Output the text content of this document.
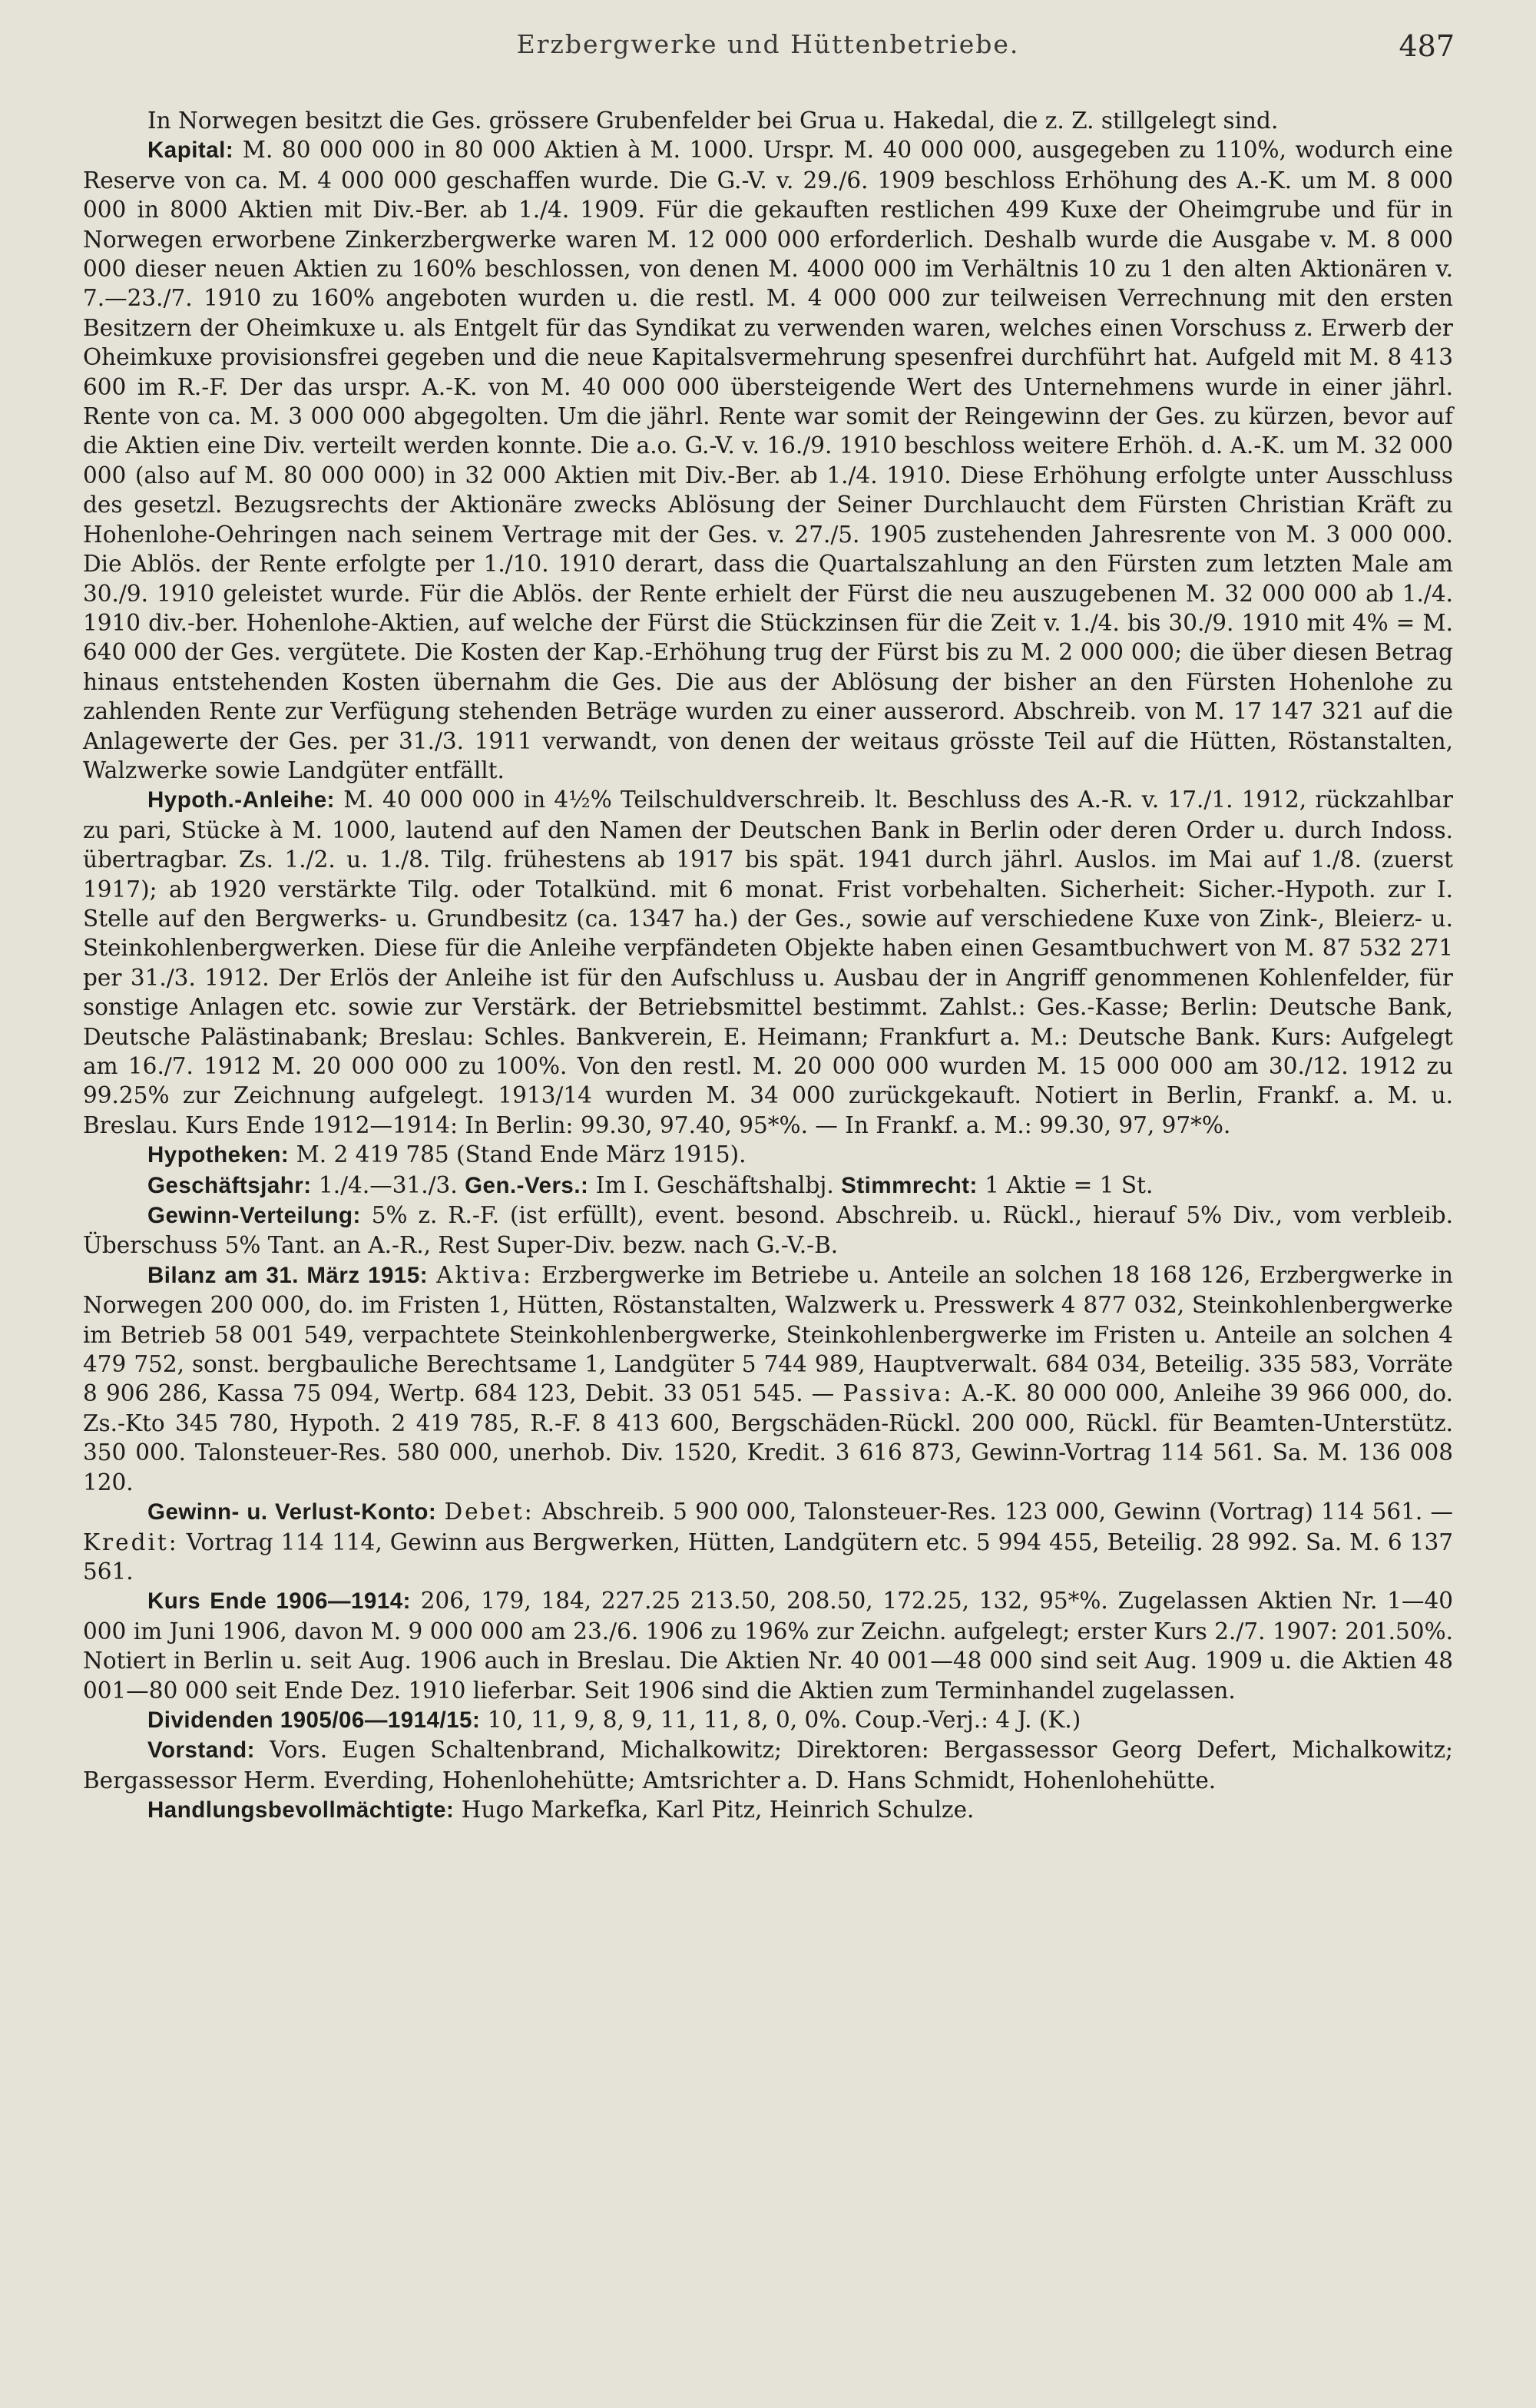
Erzbergwerke und Hüttenbetriebe.	487

In Norwegen besitzt die Ges. grössere Grubenfelder bei Grua u. Hakedal, die z. Z. stillgelegt sind.

Kapital: M. 80 000 000 in 80 000 Aktien à M. 1000. Urspr. M. 40 000 000, ausgegeben zu 110%, wodurch eine Reserve von ca. M. 4 000 000 geschaffen wurde. Die G.-V. v. 29./6. 1909 beschloss Erhöhung des A.-K. um M. 8 000 000 in 8000 Aktien mit Div.-Ber. ab 1./4. 1909. Für die gekauften restlichen 499 Kuxe der Oheimgrube und für in Norwegen erworbene Zinkerzbergwerke waren M. 12 000 000 erforderlich. Deshalb wurde die Ausgabe v. M. 8 000 000 dieser neuen Aktien zu 160% beschlossen, von denen M. 4000 000 im Verhältnis 10 zu 1 den alten Aktionären v. 7.—23./7. 1910 zu 160% angeboten wurden u. die restl. M. 4 000 000 zur teilweisen Verrechnung mit den ersten Besitzern der Oheimkuxe u. als Entgelt für das Syndikat zu verwenden waren, welches einen Vorschuss z. Erwerb der Oheimkuxe provisionsfrei gegeben und die neue Kapitalsvermehrung spesenfrei durchführt hat. Aufgeld mit M. 8 413 600 im R.-F. Der das urspr. A.-K. von M. 40 000 000 übersteigende Wert des Unternehmens wurde in einer jährl. Rente von ca. M. 3 000 000 abgegolten. Um die jährl. Rente war somit der Reingewinn der Ges. zu kürzen, bevor auf die Aktien eine Div. verteilt werden konnte. Die a.o. G.-V. v. 16./9. 1910 beschloss weitere Erhöh. d. A.-K. um M. 32 000 000 (also auf M. 80 000 000) in 32 000 Aktien mit Div.-Ber. ab 1./4. 1910. Diese Erhöhung erfolgte unter Ausschluss des gesetzl. Bezugsrechts der Aktionäre zwecks Ablösung der Seiner Durchlaucht dem Fürsten Christian Kräft zu Hohenlohe-Oehringen nach seinem Vertrage mit der Ges. v. 27./5. 1905 zustehenden Jahresrente von M. 3 000 000. Die Ablös. der Rente erfolgte per 1./10. 1910 derart, dass die Quartalszahlung an den Fürsten zum letzten Male am 30./9. 1910 geleistet wurde. Für die Ablös. der Rente erhielt der Fürst die neu auszugebenen M. 32 000 000 ab 1./4. 1910 div.-ber. Hohenlohe-Aktien, auf welche der Fürst die Stückzinsen für die Zeit v. 1./4. bis 30./9. 1910 mit 4% = M. 640 000 der Ges. vergütete. Die Kosten der Kap.-Erhöhung trug der Fürst bis zu M. 2 000 000; die über diesen Betrag hinaus entstehenden Kosten übernahm die Ges. Die aus der Ablösung der bisher an den Fürsten Hohenlohe zu zahlenden Rente zur Verfügung stehenden Beträge wurden zu einer ausserord. Abschreib. von M. 17 147 321 auf die Anlagewerte der Ges. per 31./3. 1911 verwandt, von denen der weitaus grösste Teil auf die Hütten, Röstanstalten, Walzwerke sowie Landgüter entfällt.

Hypoth.-Anleihe: M. 40 000 000 in 4½% Teilschuldverschreib. lt. Beschluss des A.-R. v. 17./1. 1912, rückzahlbar zu pari, Stücke à M. 1000, lautend auf den Namen der Deutschen Bank in Berlin oder deren Order u. durch Indoss. übertragbar. Zs. 1./2. u. 1./8. Tilg. frühestens ab 1917 bis spät. 1941 durch jährl. Auslos. im Mai auf 1./8. (zuerst 1917); ab 1920 verstärkte Tilg. oder Totalkünd. mit 6 monat. Frist vorbehalten. Sicherheit: Sicher.-Hypoth. zur I. Stelle auf den Bergwerks- u. Grundbesitz (ca. 1347 ha.) der Ges., sowie auf verschiedene Kuxe von Zink-, Bleierz- u. Steinkohlenbergwerken. Diese für die Anleihe verpfändeten Objekte haben einen Gesamtbuchwert von M. 87 532 271 per 31./3. 1912. Der Erlös der Anleihe ist für den Aufschluss u. Ausbau der in Angriff genommenen Kohlenfelder, für sonstige Anlagen etc. sowie zur Verstärk. der Betriebsmittel bestimmt. Zahlst.: Ges.-Kasse; Berlin: Deutsche Bank, Deutsche Palästinabank; Breslau: Schles. Bankverein, E. Heimann; Frankfurt a. M.: Deutsche Bank. Kurs: Aufgelegt am 16./7. 1912 M. 20 000 000 zu 100%. Von den restl. M. 20 000 000 wurden M. 15 000 000 am 30./12. 1912 zu 99.25% zur Zeichnung aufgelegt. 1913/14 wurden M. 34 000 zurückgekauft. Notiert in Berlin, Frankf. a. M. u. Breslau. Kurs Ende 1912—1914: In Berlin: 99.30, 97.40, 95*%. — In Frankf. a. M.: 99.30, 97, 97*%.

Hypotheken: M. 2 419 785 (Stand Ende März 1915).

Geschäftsjahr: 1./4.—31./3. Gen.-Vers.: Im I. Geschäftshalbj. Stimmrecht: 1 Aktie = 1 St.

Gewinn-Verteilung: 5% z. R.-F. (ist erfüllt), event. besond. Abschreib. u. Rückl., hierauf 5% Div., vom verbleib. Überschuss 5% Tant. an A.-R., Rest Super-Div. bezw. nach G.-V.-B.

Bilanz am 31. März 1915: Aktiva: Erzbergwerke im Betriebe u. Anteile an solchen 18 168 126, Erzbergwerke in Norwegen 200 000, do. im Fristen 1, Hütten, Röstanstalten, Walzwerk u. Presswerk 4 877 032, Steinkohlenbergwerke im Betrieb 58 001 549, verpachtete Steinkohlenbergwerke, Steinkohlenbergwerke im Fristen u. Anteile an solchen 4 479 752, sonst. bergbauliche Berechtsame 1, Landgüter 5 744 989, Hauptverwalt. 684 034, Beteilig. 335 583, Vorräte 8 906 286, Kassa 75 094, Wertp. 684 123, Debit. 33 051 545. — Passiva: A.-K. 80 000 000, Anleihe 39 966 000, do. Zs.-Kto 345 780, Hypoth. 2 419 785, R.-F. 8 413 600, Bergschäden-Rückl. 200 000, Rückl. für Beamten-Unterstütz. 350 000. Talonsteuer-Res. 580 000, unerhob. Div. 1520, Kredit. 3 616 873, Gewinn-Vortrag 114 561. Sa. M. 136 008 120.

Gewinn- u. Verlust-Konto: Debet: Abschreib. 5 900 000, Talonsteuer-Res. 123 000, Gewinn (Vortrag) 114 561. — Kredit: Vortrag 114 114, Gewinn aus Bergwerken, Hütten, Landgütern etc. 5 994 455, Beteilig. 28 992. Sa. M. 6 137 561.

Kurs Ende 1906—1914: 206, 179, 184, 227.25 213.50, 208.50, 172.25, 132, 95*%. Zugelassen Aktien Nr. 1—40 000 im Juni 1906, davon M. 9 000 000 am 23./6. 1906 zu 196% zur Zeichn. aufgelegt; erster Kurs 2./7. 1907: 201.50%. Notiert in Berlin u. seit Aug. 1906 auch in Breslau. Die Aktien Nr. 40 001—48 000 sind seit Aug. 1909 u. die Aktien 48 001—80 000 seit Ende Dez. 1910 lieferbar. Seit 1906 sind die Aktien zum Terminhandel zugelassen.

Dividenden 1905/06—1914/15: 10, 11, 9, 8, 9, 11, 11, 8, 0, 0%. Coup.-Verj.: 4 J. (K.)

Vorstand: Vors. Eugen Schaltenbrand, Michalkowitz; Direktoren: Bergassessor Georg Defert, Michalkowitz; Bergassessor Herm. Everding, Hohenlohehütte; Amtsrichter a. D. Hans Schmidt, Hohenlohehütte.

Handlungsbevollmächtigte: Hugo Markefka, Karl Pitz, Heinrich Schulze.
